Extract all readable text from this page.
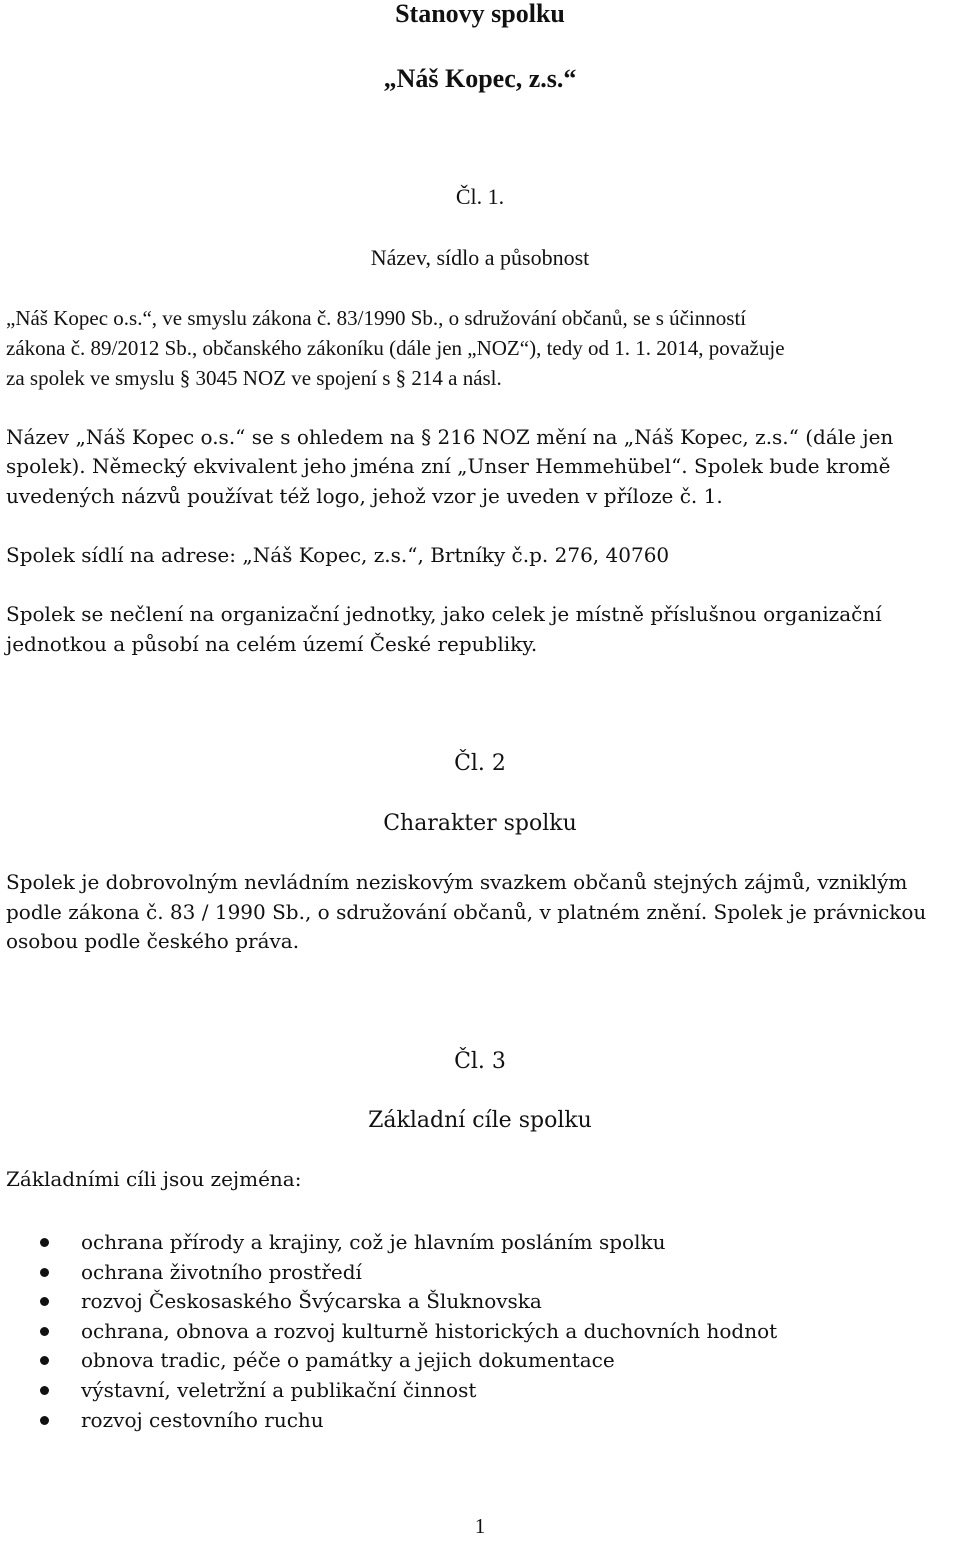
Stanovy spolku
„Náš Kopec, z.s.“
Čl. 1.
Název, sídlo a působnost
„Náš Kopec o.s.“, ve smyslu zákona č. 83/1990 Sb., o sdružování občanů, se s účinností
zákona č. 89/2012 Sb., občanského zákoníku (dále jen „NOZ“), tedy od 1. 1. 2014, považuje
za spolek ve smyslu § 3045 NOZ ve spojení s § 214 a násl.
Název „Náš Kopec o.s.“ se s ohledem na § 216 NOZ mění na „Náš Kopec, z.s.“ (dále jen
spolek). Německý ekvivalent jeho jména zní „Unser Hemmehübel“. Spolek bude kromě
uvedených názvů používat též logo, jehož vzor je uveden v příloze č. 1.
Spolek sídlí na adrese: „Náš Kopec, z.s.“, Brtníky č.p. 276, 40760
Spolek se nečlení na organizační jednotky, jako celek je místně příslušnou organizační
jednotkou a působí na celém území České republiky.
Čl. 2
Charakter spolku
Spolek je dobrovolným nevládním neziskovým svazkem občanů stejných zájmů, vzniklým
podle zákona č. 83 / 1990 Sb., o sdružování občanů, v platném znění. Spolek je právnickou
osobou podle českého práva.
Čl. 3
Základní cíle spolku
Základními cíli jsou zejména:
ochrana přírody a krajiny, což je hlavním posláním spolku
ochrana životního prostředí
rozvoj Českosaského Švýcarska a Šluknovska
ochrana, obnova a rozvoj kulturně historických a duchovních hodnot
obnova tradic, péče o památky a jejich dokumentace
výstavní, veletržní a publikační činnost
rozvoj cestovního ruchu
1
